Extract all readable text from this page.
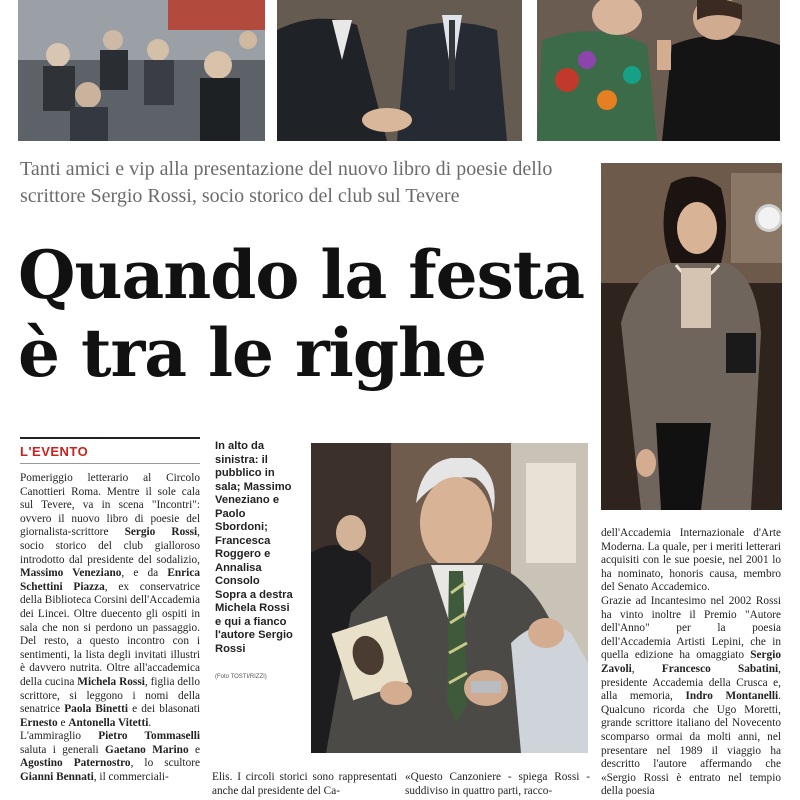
Tanti amici e vip alla presentazione del nuovo libro di poesie dello scrittore Sergio Rossi, socio storico del club sul Tevere
Quando la festa
è tra le righe
L'EVENTO

Pomeriggio letterario al Circolo Canottieri Roma. Mentre il sole cala sul Tevere, va in scena "Incontri": ovvero il nuovo libro di poesie del giornalista-scrittore Sergio Rossi, socio storico del club gialloroso introdotto dal presidente del sodalizio, Massimo Veneziano, e da Enrica Schettini Piazza, ex conservatrice della Biblioteca Corsini dell'Accademia dei Lincei. Oltre duecento gli ospiti in sala che non si perdono un passaggio. Del resto, a questo incontro con i sentimenti, la lista degli invitati illustri è davvero nutrita. Oltre all'accademica della cucina Michela Rossi, figlia dello scrittore, si leggono i nomi della senatrice Paola Binetti e dei blasonati Ernesto e Antonella Vitetti.

L'ammiraglio Pietro Tommaselli saluta i generali Gaetano Marino e Agostino Paternostro, lo scultore Gianni Bennati, il commerciali-

In alto da sinistra: il pubblico in sala; Massimo Veneziano e Paolo Sbordoni; Francesca Roggero e Annalisa Consolo Sopra a destra Michela Rossi e qui a fianco l'autore Sergio Rossi
(Foto TOSTI/RIZZI)
Elis. I circoli storici sono rappresentati anche dal presidente del Ca-
«Questo Canzoniere - spiega Rossi - suddiviso in quattro parti, racco-

dell'Accademia Internazionale d'Arte Moderna. La quale, per i meriti letterari acquisiti con le sue poesie, nel 2001 lo ha nominato, honoris causa, membro del Senato Accademico.

Grazie ad Incantesimo nel 2002 Rossi ha vinto inoltre il Premio "Autore dell'Anno" per la poesia dell'Accademia Artisti Lepini, che in quella edizione ha omaggiato Sergio Zavoli, Francesco Sabatini, presidente Accademia della Crusca e, alla memoria, Indro Montanelli. Qualcuno ricorda che Ugo Moretti, grande scrittore italiano del Novecento scomparso ormai da molti anni, nel presentare nel 1989 il viaggio ha descritto l'autore affermando che «Sergio Rossi è entrato nel tempio della poesia
